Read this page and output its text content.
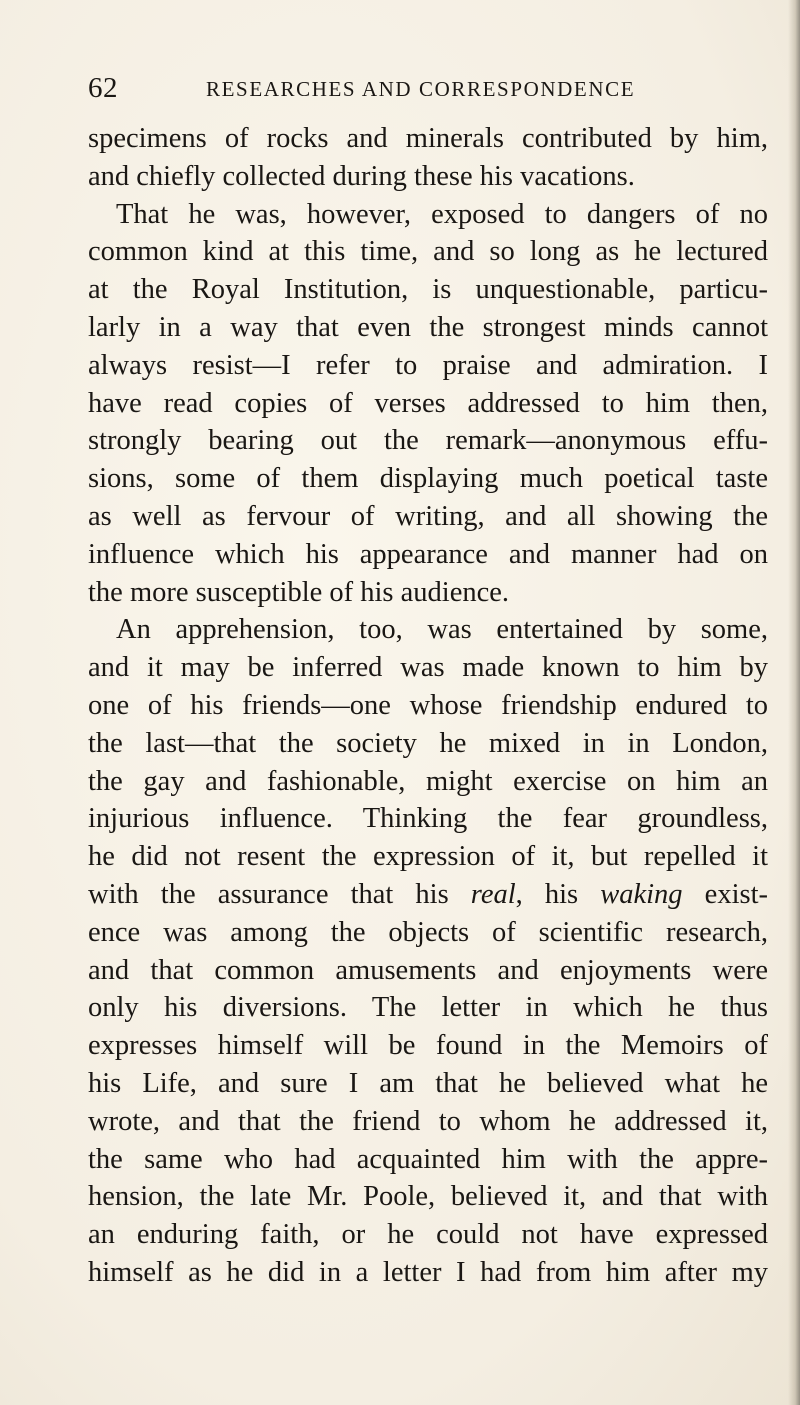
62	RESEARCHES AND CORRESPONDENCE
specimens of rocks and minerals contributed by him,
and chiefly collected during these his vacations.
That he was, however, exposed to dangers of no
common kind at this time, and so long as he lectured
at the Royal Institution, is unquestionable, particu-
larly in a way that even the strongest minds cannot
always resist—I refer to praise and admiration. I
have read copies of verses addressed to him then,
strongly bearing out the remark—anonymous effu-
sions, some of them displaying much poetical taste
as well as fervour of writing, and all showing the
influence which his appearance and manner had on
the more susceptible of his audience.
An apprehension, too, was entertained by some,
and it may be inferred was made known to him by
one of his friends—one whose friendship endured to
the last—that the society he mixed in in London,
the gay and fashionable, might exercise on him an
injurious influence. Thinking the fear groundless,
he did not resent the expression of it, but repelled it
with the assurance that his real, his waking exist-
ence was among the objects of scientific research,
and that common amusements and enjoyments were
only his diversions. The letter in which he thus
expresses himself will be found in the Memoirs of
his Life, and sure I am that he believed what he
wrote, and that the friend to whom he addressed it,
the same who had acquainted him with the appre-
hension, the late Mr. Poole, believed it, and that with
an enduring faith, or he could not have expressed
himself as he did in a letter I had from him after my
